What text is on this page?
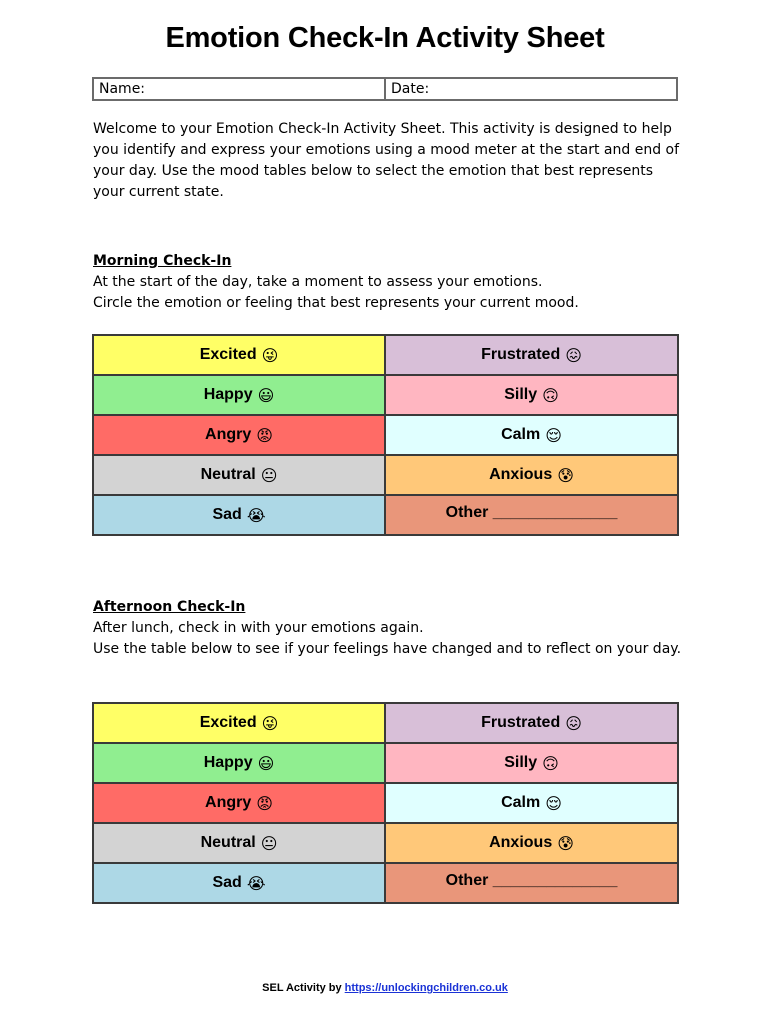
Emotion Check-In Activity Sheet
Name:	Date:

Welcome to your Emotion Check-In Activity Sheet. This activity is designed to help you identify and express your emotions using a mood meter at the start and end of your day. Use the mood tables below to select the emotion that best represents your current state.

Morning Check-In
At the start of the day, take a moment to assess your emotions.
Circle the emotion or feeling that best represents your current mood.
Excited 😜	Frustrated 😖
Happy 😃	Silly 🙃
Angry 😡	Calm 😌
Neutral 😐	Anxious 😰
Sad 😭	Other ______________
Afternoon Check-In
After lunch, check in with your emotions again.
Use the table below to see if your feelings have changed and to reflect on your day.
Excited 😜	Frustrated 😖
Happy 😃	Silly 🙃
Angry 😡	Calm 😌
Neutral 😐	Anxious 😰
Sad 😭	Other ______________
SEL Activity by https://unlockingchildren.co.uk
